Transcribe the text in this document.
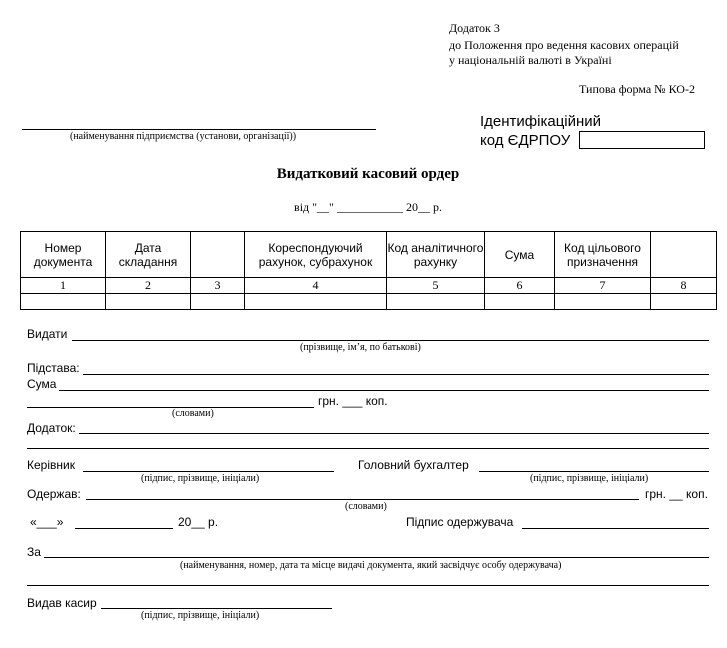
Додаток 3
до Положення про ведення касових операцій
у національній валюті в Україні
Типова форма № КО-2
(найменування підприємства (установи, організації))
Ідентифікаційний
код ЄДРПОУ
Видатковий касовий ордер
від "__" ___________ 20__ р.
Номер документа	Дата складання		Кореспондуючий рахунок, субрахунок	Код аналітичного рахунку	Сума	Код цільового призначення	
1	2	3	4	5	6	7	8

Видати
(прізвище, ім’я, по батькові)
Підстава:
Сума
грн. ___ коп.
(словами)
Додаток:
Керівник
(підпис, прізвище, ініціали)
Головний бухгалтер
(підпис, прізвище, ініціали)
Одержав:	грн. __ коп.
(словами)
«___»	20__ р.	Підпис одержувача
За
(найменування, номер, дата та місце видачі документа, який засвідчує особу одержувача)
Видав касир
(підпис, прізвище, ініціали)
